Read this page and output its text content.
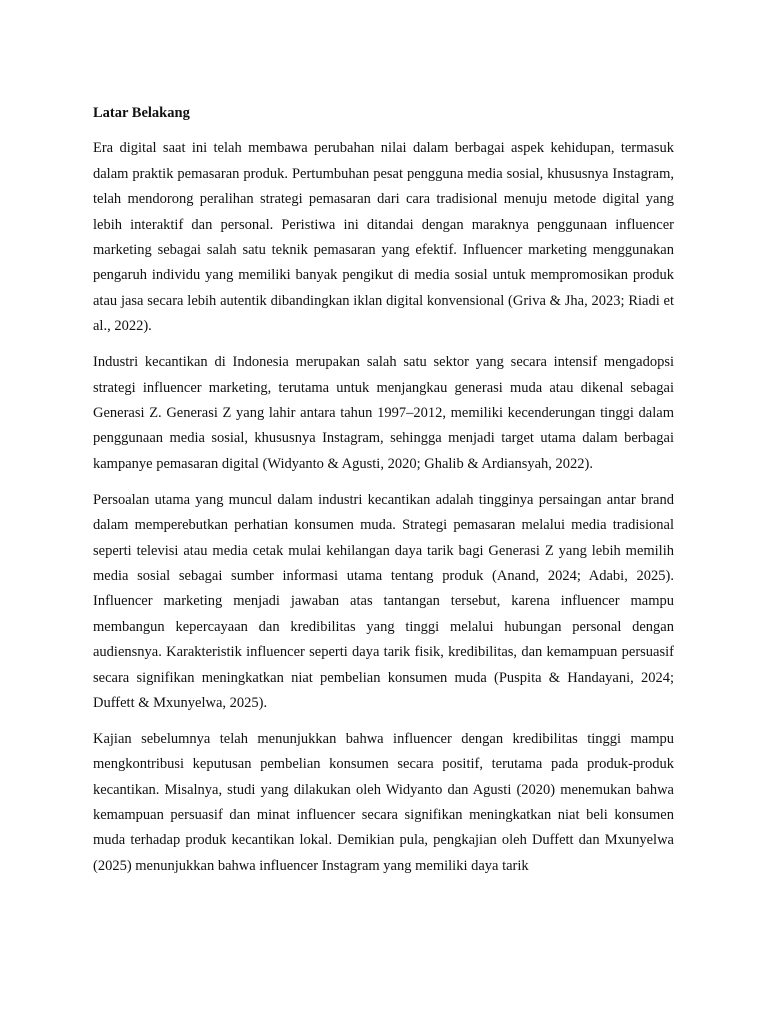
Latar Belakang

Era digital saat ini telah membawa perubahan nilai dalam berbagai aspek kehidupan, termasuk dalam praktik pemasaran produk. Pertumbuhan pesat pengguna media sosial, khususnya Instagram, telah mendorong peralihan strategi pemasaran dari cara tradisional menuju metode digital yang lebih interaktif dan personal. Peristiwa ini ditandai dengan maraknya penggunaan influencer marketing sebagai salah satu teknik pemasaran yang efektif. Influencer marketing menggunakan pengaruh individu yang memiliki banyak pengikut di media sosial untuk mempromosikan produk atau jasa secara lebih autentik dibandingkan iklan digital konvensional (Griva & Jha, 2023; Riadi et al., 2022).

Industri kecantikan di Indonesia merupakan salah satu sektor yang secara intensif mengadopsi strategi influencer marketing, terutama untuk menjangkau generasi muda atau dikenal sebagai Generasi Z. Generasi Z yang lahir antara tahun 1997–2012, memiliki kecenderungan tinggi dalam penggunaan media sosial, khususnya Instagram, sehingga menjadi target utama dalam berbagai kampanye pemasaran digital (Widyanto & Agusti, 2020; Ghalib & Ardiansyah, 2022).

Persoalan utama yang muncul dalam industri kecantikan adalah tingginya persaingan antar brand dalam memperebutkan perhatian konsumen muda. Strategi pemasaran melalui media tradisional seperti televisi atau media cetak mulai kehilangan daya tarik bagi Generasi Z yang lebih memilih media sosial sebagai sumber informasi utama tentang produk (Anand, 2024; Adabi, 2025). Influencer marketing menjadi jawaban atas tantangan tersebut, karena influencer mampu membangun kepercayaan dan kredibilitas yang tinggi melalui hubungan personal dengan audiensnya. Karakteristik influencer seperti daya tarik fisik, kredibilitas, dan kemampuan persuasif secara signifikan meningkatkan niat pembelian konsumen muda (Puspita & Handayani, 2024; Duffett & Mxunyelwa, 2025).

Kajian sebelumnya telah menunjukkan bahwa influencer dengan kredibilitas tinggi mampu mengkontribusi keputusan pembelian konsumen secara positif, terutama pada produk-produk kecantikan. Misalnya, studi yang dilakukan oleh Widyanto dan Agusti (2020) menemukan bahwa kemampuan persuasif dan minat influencer secara signifikan meningkatkan niat beli konsumen muda terhadap produk kecantikan lokal. Demikian pula, pengkajian oleh Duffett dan Mxunyelwa (2025) menunjukkan bahwa influencer Instagram yang memiliki daya tarik
